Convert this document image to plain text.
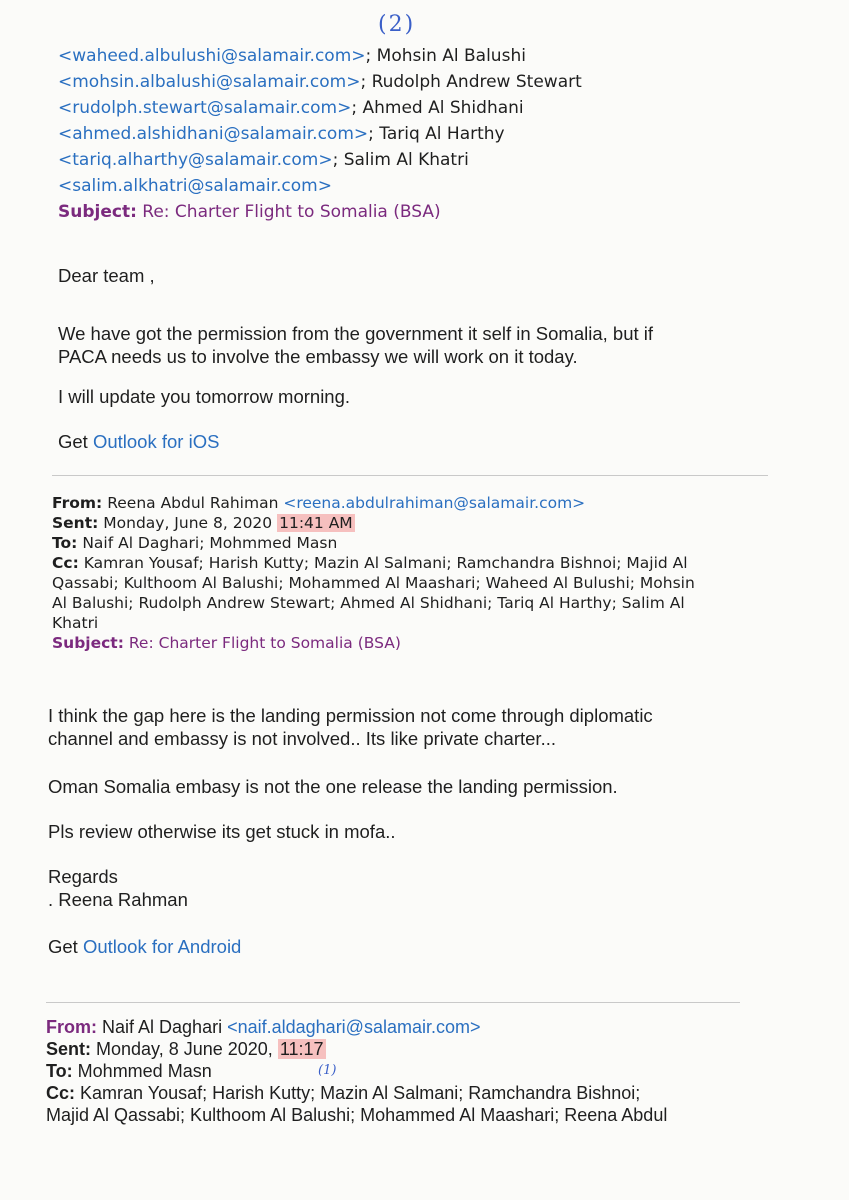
(2)
<waheed.albulushi@salamair.com>; Mohsin Al Balushi
<mohsin.albalushi@salamair.com>; Rudolph Andrew Stewart
<rudolph.stewart@salamair.com>; Ahmed Al Shidhani
<ahmed.alshidhani@salamair.com>; Tariq Al Harthy
<tariq.alharthy@salamair.com>; Salim Al Khatri
<salim.alkhatri@salamair.com>
Subject: Re: Charter Flight to Somalia (BSA)
Dear team ,
We have got the permission from the government it self in Somalia, but if
PACA needs us to involve the embassy we will work on it today.
I will update you tomorrow morning.
Get Outlook for iOS
From: Reena Abdul Rahiman <reena.abdulrahiman@salamair.com>
Sent: Monday, June 8, 2020 11:41 AM
To: Naif Al Daghari; Mohmmed Masn
Cc: Kamran Yousaf; Harish Kutty; Mazin Al Salmani; Ramchandra Bishnoi; Majid Al
Qassabi; Kulthoom Al Balushi; Mohammed Al Maashari; Waheed Al Bulushi; Mohsin
Al Balushi; Rudolph Andrew Stewart; Ahmed Al Shidhani; Tariq Al Harthy; Salim Al
Khatri
Subject: Re: Charter Flight to Somalia (BSA)
I think the gap here is the landing permission not come through diplomatic
channel and embassy is not involved.. Its like private charter...
Oman Somalia embasy is not the one release the landing permission.
Pls review otherwise its get stuck in mofa..
Regards
. Reena Rahman
Get Outlook for Android
From: Naif Al Daghari <naif.aldaghari@salamair.com>
Sent: Monday, 8 June 2020, 11:17
To: Mohmmed Masn
Cc: Kamran Yousaf; Harish Kutty; Mazin Al Salmani; Ramchandra Bishnoi;
Majid Al Qassabi; Kulthoom Al Balushi; Mohammed Al Maashari; Reena Abdul
(1)
